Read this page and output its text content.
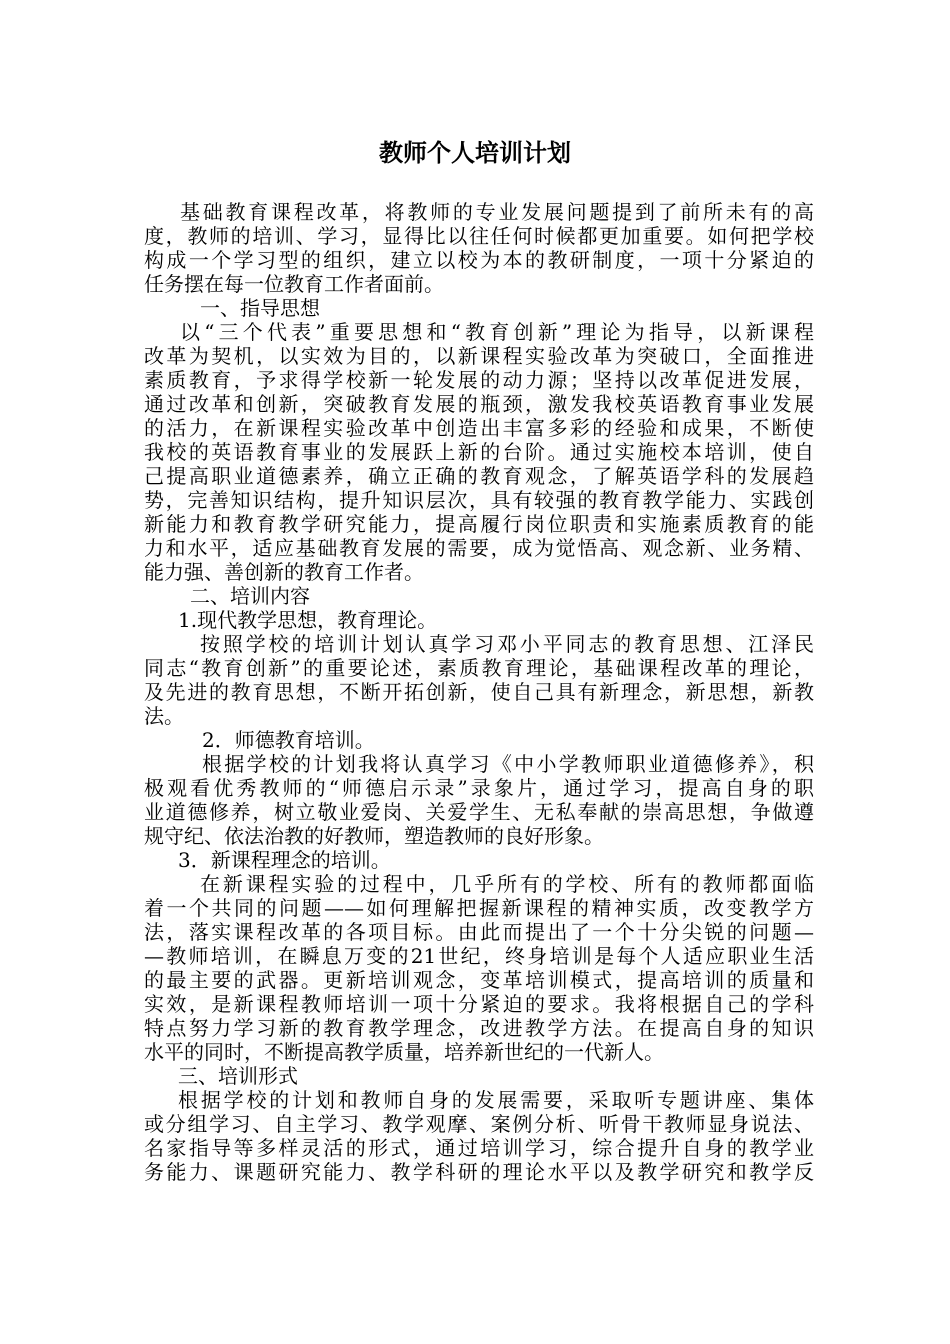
教师个人培训计划
基础教育课程改革，将教师的专业发展问题提到了前所未有的高
度，教师的培训、学习，显得比以往任何时候都更加重要。如何把学校
构成一个学习型的组织，建立以校为本的教研制度，一项十分紧迫的
任务摆在每一位教育工作者面前。
一、指导思想
以“三个代表”重要思想和“教育创新”理论为指导，以新课程
改革为契机，以实效为目的，以新课程实验改革为突破口，全面推进
素质教育，予求得学校新一轮发展的动力源；坚持以改革促进发展，
通过改革和创新，突破教育发展的瓶颈，激发我校英语教育事业发展
的活力，在新课程实验改革中创造出丰富多彩的经验和成果，不断使
我校的英语教育事业的发展跃上新的台阶。通过实施校本培训，使自
己提高职业道德素养，确立正确的教育观念，了解英语学科的发展趋
势，完善知识结构，提升知识层次，具有较强的教育教学能力、实践创
新能力和教育教学研究能力，提高履行岗位职责和实施素质教育的能
力和水平，适应基础教育发展的需要，成为觉悟高、观念新、业务精、
能力强、善创新的教育工作者。
二、培训内容
1.现代教学思想，教育理论。
按照学校的培训计划认真学习邓小平同志的教育思想、江泽民
同志“教育创新”的重要论述，素质教育理论，基础课程改革的理论，
及先进的教育思想，不断开拓创新，使自己具有新理念，新思想，新教
法。
2．师德教育培训。
根据学校的计划我将认真学习《中小学教师职业道德修养》，积
极观看优秀教师的“师德启示录”录象片，通过学习，提高自身的职
业道德修养，树立敬业爱岗、关爱学生、无私奉献的崇高思想，争做遵
规守纪、依法治教的好教师，塑造教师的良好形象。
3．新课程理念的培训。
在新课程实验的过程中，几乎所有的学校、所有的教师都面临
着一个共同的问题——如何理解把握新课程的精神实质，改变教学方
法，落实课程改革的各项目标。由此而提出了一个十分尖锐的问题—
—教师培训，在瞬息万变的21世纪，终身培训是每个人适应职业生活
的最主要的武器。更新培训观念，变革培训模式，提高培训的质量和
实效，是新课程教师培训一项十分紧迫的要求。我将根据自己的学科
特点努力学习新的教育教学理念，改进教学方法。在提高自身的知识
水平的同时，不断提高教学质量，培养新世纪的一代新人。
三、培训形式
根据学校的计划和教师自身的发展需要，采取听专题讲座、集体
或分组学习、自主学习、教学观摩、案例分析、听骨干教师显身说法、
名家指导等多样灵活的形式，通过培训学习，综合提升自身的教学业
务能力、课题研究能力、教学科研的理论水平以及教学研究和教学反
